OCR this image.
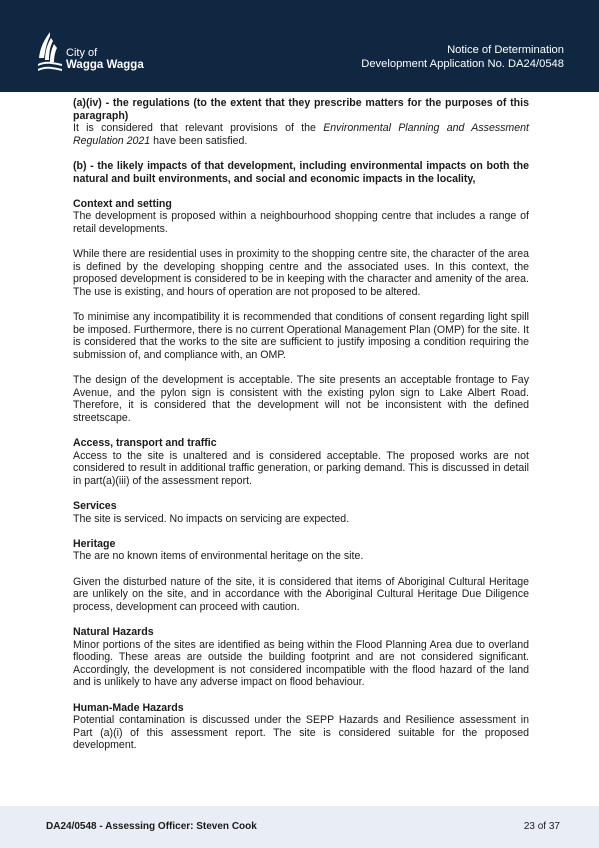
City of
Wagga Wagga
Notice of Determination
Development Application No. DA24/0548

(a)(iv) - the regulations (to the extent that they prescribe matters for the purposes of this paragraph)

It is considered that relevant provisions of the Environmental Planning and Assessment Regulation 2021 have been satisfied.

(b) - the likely impacts of that development, including environmental impacts on both the natural and built environments, and social and economic impacts in the locality,

Context and setting

The development is proposed within a neighbourhood shopping centre that includes a range of retail developments.

While there are residential uses in proximity to the shopping centre site, the character of the area is defined by the developing shopping centre and the associated uses. In this context, the proposed development is considered to be in keeping with the character and amenity of the area. The use is existing, and hours of operation are not proposed to be altered.

To minimise any incompatibility it is recommended that conditions of consent regarding light spill be imposed. Furthermore, there is no current Operational Management Plan (OMP) for the site. It is considered that the works to the site are sufficient to justify imposing a condition requiring the submission of, and compliance with, an OMP.

The design of the development is acceptable. The site presents an acceptable frontage to Fay Avenue, and the pylon sign is consistent with the existing pylon sign to Lake Albert Road. Therefore, it is considered that the development will not be inconsistent with the defined streetscape.

Access, transport and traffic

Access to the site is unaltered and is considered acceptable. The proposed works are not considered to result in additional traffic generation, or parking demand. This is discussed in detail in part(a)(iii) of the assessment report.

Services

The site is serviced. No impacts on servicing are expected.

Heritage

The are no known items of environmental heritage on the site.

Given the disturbed nature of the site, it is considered that items of Aboriginal Cultural Heritage are unlikely on the site, and in accordance with the Aboriginal Cultural Heritage Due Diligence process, development can proceed with caution.

Natural Hazards

Minor portions of the sites are identified as being within the Flood Planning Area due to overland flooding. These areas are outside the building footprint and are not considered significant. Accordingly, the development is not considered incompatible with the flood hazard of the land and is unlikely to have any adverse impact on flood behaviour.

Human-Made Hazards

Potential contamination is discussed under the SEPP Hazards and Resilience assessment in Part (a)(i) of this assessment report. The site is considered suitable for the proposed development.

DA24/0548 - Assessing Officer: Steven Cook	23 of 37
